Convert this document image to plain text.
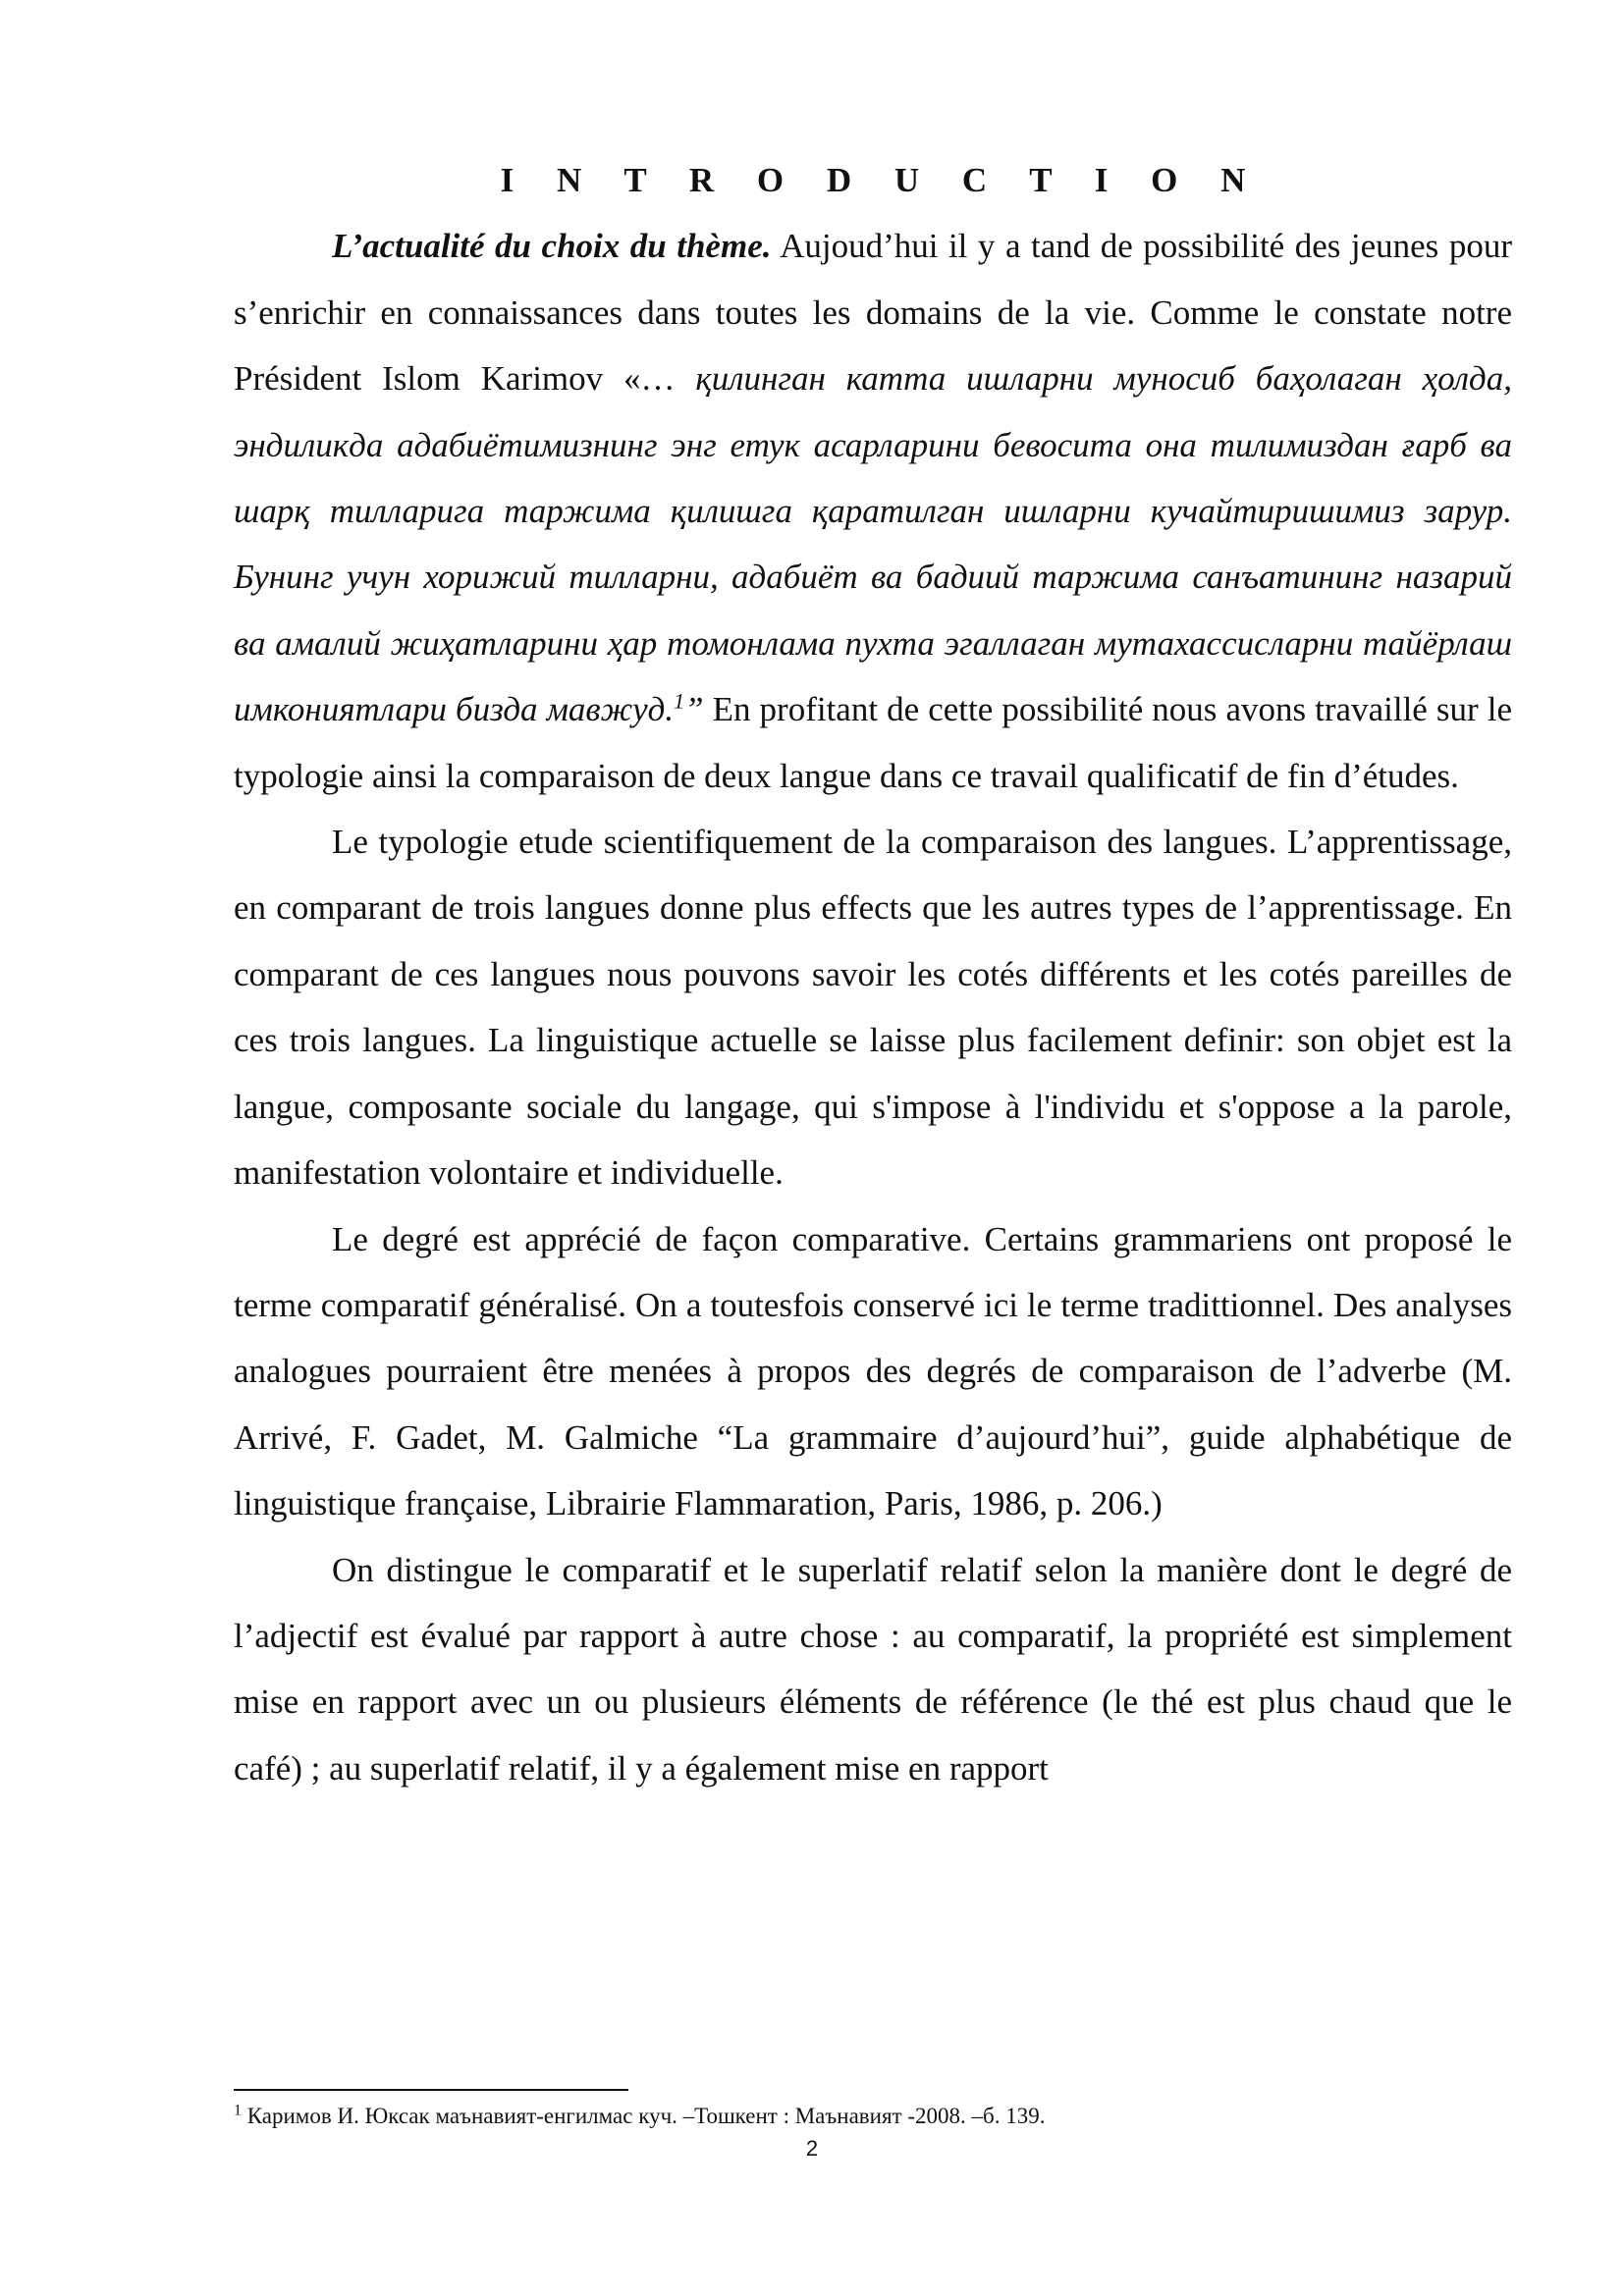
I N T R O D U C T I O N

L’actualité du choix du thème. Aujoud’hui il y a tand de possibilité des jeunes pour s’enrichir en connaissances dans toutes les domains de la vie. Comme le constate notre Président Islom Karimov «… қилинган катта ишларни муносиб баҳолаган ҳолда, эндиликда адабиётимизнинг энг етук асарларини бевосита она тилимиздан ғарб ва шарқ тилларига таржима қилишга қаратилган ишларни кучайтиришимиз зарур. Бунинг учун хорижий тилларни, адабиёт ва бадиий таржима санъатининг назарий ва амалий жиҳатларини ҳар томонлама пухта эгаллаган мутахассисларни тайёрлаш имкониятлари бизда мавжуд.$^1$” En profitant de cette possibilité nous avons travaillé sur le typologie ainsi la comparaison de deux langue dans ce travail qualificatif de fin d’études.

Le typologie etude scientifiquement de la comparaison des langues. L’apprentissage, en comparant de trois langues donne plus effects que les autres types de l’apprentissage. En comparant de ces langues nous pouvons savoir les cotés différents et les cotés pareilles de ces trois langues. La linguistique actuelle se laisse plus facilement definir: son objet est la langue, composante sociale du langage, qui s'impose à l'individu et s'oppose a la parole, manifestation volontaire et individuelle.

Le degré est apprécié de façon comparative. Certains grammariens ont proposé le terme comparatif généralisé. On a toutesfois conservé ici le terme tradittionnel. Des analyses analogues pourraient être menées à propos des degrés de comparaison de l’adverbe (M. Arrivé, F. Gadet, M. Galmiche “La grammaire d’aujourd’hui”, guide alphabétique de linguistique française, Librairie Flammaration, Paris, 1986, p. 206.)

On distingue le comparatif et le superlatif relatif selon la manière dont le degré de l’adjectif est évalué par rapport à autre chose : au comparatif, la propriété est simplement mise en rapport avec un ou plusieurs éléments de référence (le thé est plus chaud que le café) ; au superlatif relatif, il y a également mise en rapport

$^1$ Каримов И. Юксак маънавият-енгилмас куч. –Тошкент : Маънавият -2008. –б. 139.
2
